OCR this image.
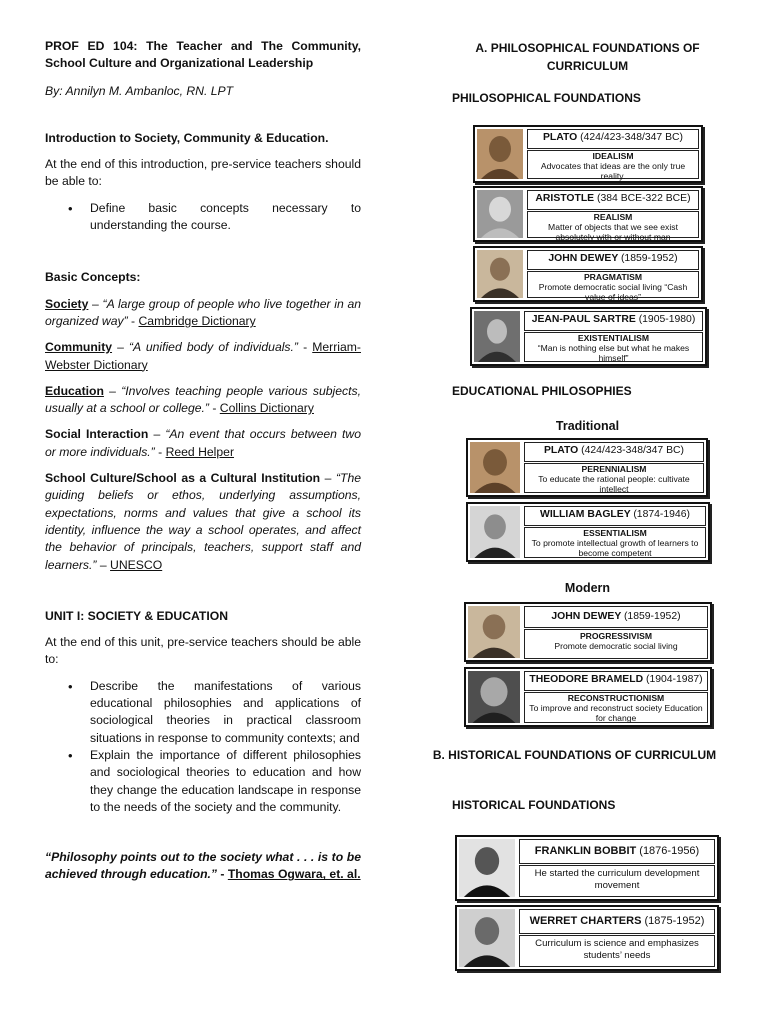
PROF ED 104: The Teacher and The Community, School Culture and Organizational Leadership

By: Annilyn M. Ambanloc, RN. LPT

Introduction to Society, Community & Education.

At the end of this introduction, pre-service teachers should be able to:

• Define basic concepts necessary to understanding the course.

Basic Concepts:

Society – “A large group of people who live together in an organized way” - Cambridge Dictionary

Community – “A unified body of individuals.” - Merriam-Webster Dictionary

Education – “Involves teaching people various subjects, usually at a school or college.” - Collins Dictionary

Social Interaction – “An event that occurs between two or more individuals.” - Reed Helper

School Culture/School as a Cultural Institution – “The guiding beliefs or ethos, underlying assumptions, expectations, norms and values that give a school its identity, influence the way a school operates, and affect the behavior of principals, teachers, support staff and learners.” – UNESCO

UNIT I: SOCIETY & EDUCATION

At the end of this unit, pre-service teachers should be able to:

• Describe the manifestations of various educational philosophies and applications of sociological theories in practical classroom situations in response to community contexts; and
• Explain the importance of different philosophies and sociological theories to education and how they change the education landscape in response to the needs of the society and the community.

“Philosophy points out to the society what . . . is to be achieved through education.” - Thomas Ogwara, et. al.

A. PHILOSOPHICAL FOUNDATIONS OF CURRICULUM
PHILOSOPHICAL FOUNDATIONS
PLATO (424/423-348/347 BC)
IDEALISM
Advocates that ideas are the only true reality.
ARISTOTLE (384 BCE-322 BCE)
REALISM
Matter of objects that we see exist absolutely with or without man
JOHN DEWEY (1859-1952)
PRAGMATISM
Promote democratic social living “Cash value of ideas”
JEAN-PAUL SARTRE (1905-1980)
EXISTENTIALISM
“Man is nothing else but what he makes himself”
EDUCATIONAL PHILOSOPHIES
Traditional
PLATO (424/423-348/347 BC)
PERENNIALISM
To educate the rational people: cultivate intellect
WILLIAM BAGLEY (1874-1946)
ESSENTIALISM
To promote intellectual growth of learners to become competent
Modern
JOHN DEWEY (1859-1952)
PROGRESSIVISM
Promote democratic social living
THEODORE BRAMELD (1904-1987)
RECONSTRUCTIONISM
To improve and reconstruct society Education for change
B. HISTORICAL FOUNDATIONS OF CURRICULUM
HISTORICAL FOUNDATIONS
FRANKLIN BOBBIT (1876-1956)
He started the curriculum development movement
WERRET CHARTERS (1875-1952)
Curriculum is science and emphasizes students’ needs
